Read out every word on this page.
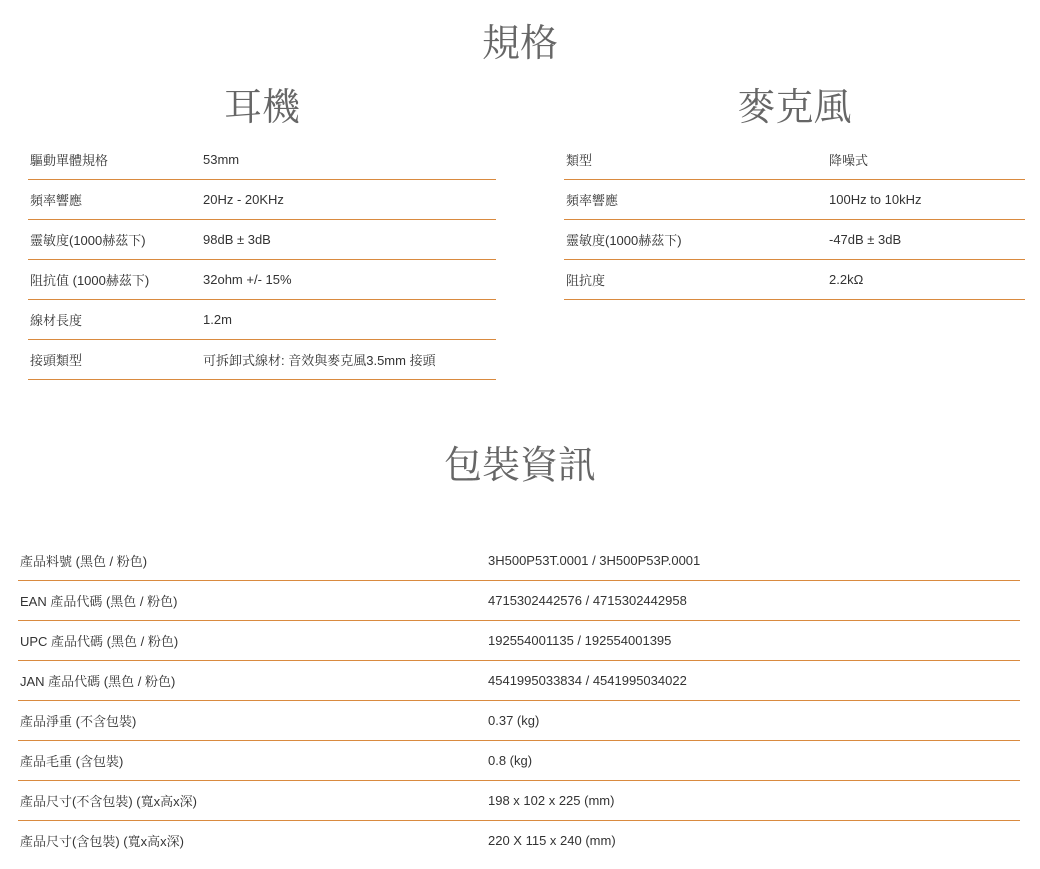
規格
耳機	麥克風
驅動單體規格	53mm
頻率響應	20Hz - 20KHz
靈敏度(1000赫茲下)	98dB ± 3dB
阻抗值 (1000赫茲下)	32ohm +/- 15%
線材長度	1.2m
接頭類型	可拆卸式線材: 音效與麥克風3.5mm 接頭
類型	降噪式
頻率響應	100Hz to 10kHz
靈敏度(1000赫茲下)	-47dB ± 3dB
阻抗度	2.2kΩ
包裝資訊
產品料號 (黑色 / 粉色)	3H500P53T.0001 / 3H500P53P.0001
EAN 產品代碼 (黑色 / 粉色)	4715302442576 / 4715302442958
UPC 產品代碼 (黑色 / 粉色)	192554001135 / 192554001395
JAN 產品代碼 (黑色 / 粉色)	4541995033834 / 4541995034022
產品淨重 (不含包裝)	0.37 (kg)
產品毛重 (含包裝)	0.8 (kg)
產品尺寸(不含包裝) (寬x高x深)	198 x 102 x 225 (mm)
產品尺寸(含包裝) (寬x高x深)	220 X 115 x 240 (mm)
